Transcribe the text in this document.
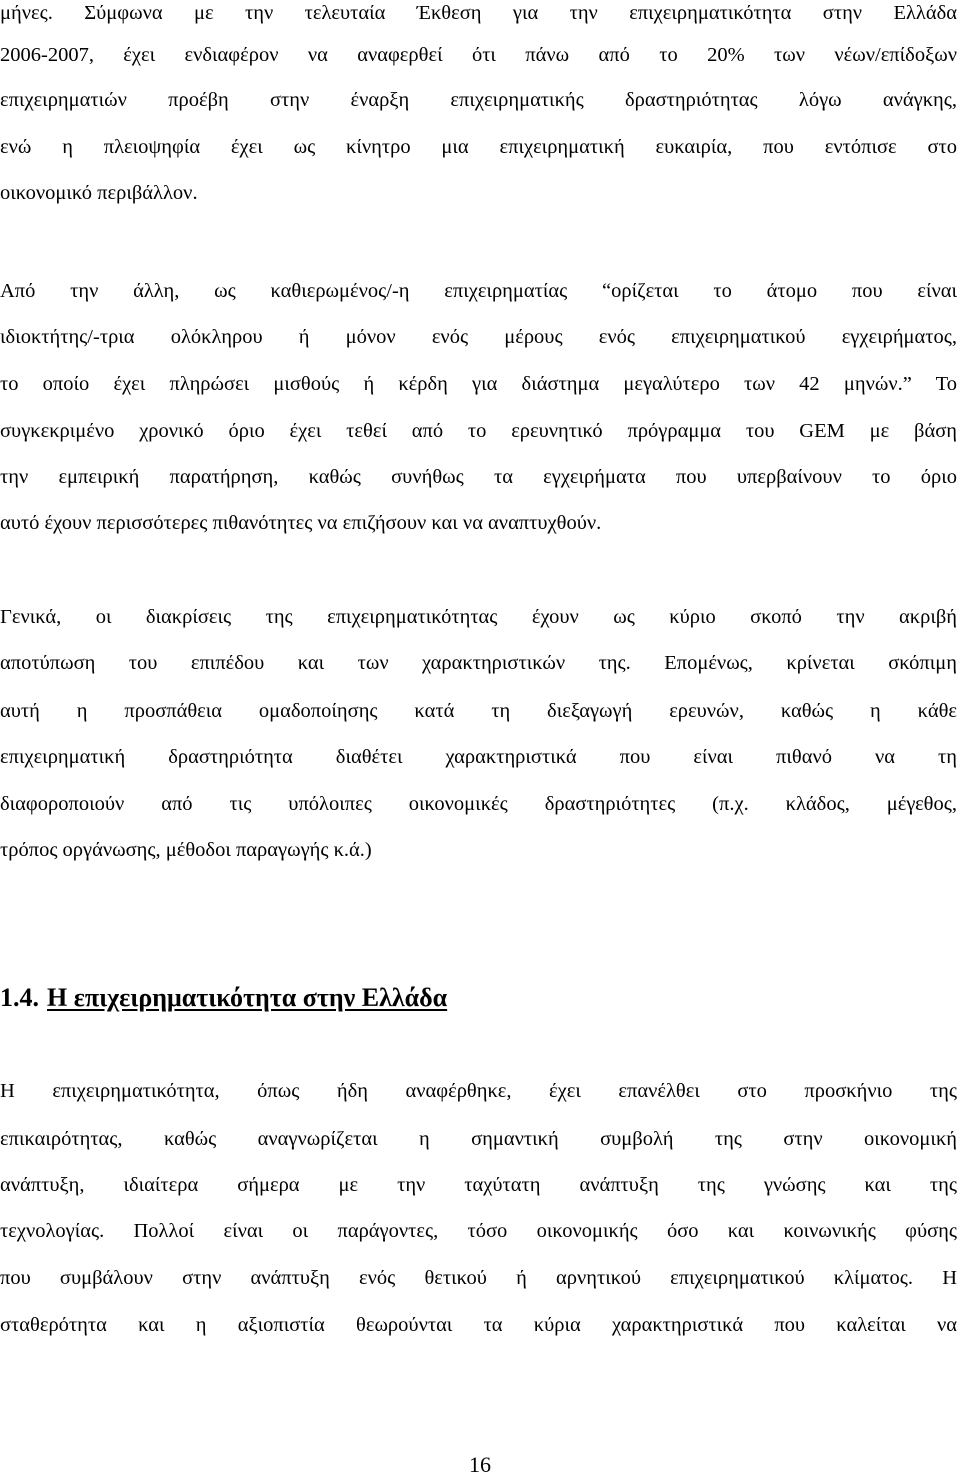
μήνες. Σύμφωνα με την τελευταία Έκθεση για την επιχειρηματικότητα στην Ελλάδα
2006-2007, έχει ενδιαφέρον να αναφερθεί ότι πάνω από το 20% των νέων/επίδοξων
επιχειρηματιών προέβη στην έναρξη επιχειρηματικής δραστηριότητας λόγω ανάγκης,
ενώ η πλειοψηφία έχει ως κίνητρο μια επιχειρηματική ευκαιρία, που εντόπισε στο
οικονομικό περιβάλλον.
Από την άλλη, ως καθιερωμένος/-η επιχειρηματίας “ορίζεται το άτομο που είναι
ιδιοκτήτης/-τρια ολόκληρου ή μόνον ενός μέρους ενός επιχειρηματικού εγχειρήματος,
το οποίο έχει πληρώσει μισθούς ή κέρδη για διάστημα μεγαλύτερο των 42 μηνών.” Το
συγκεκριμένο χρονικό όριο έχει τεθεί από το ερευνητικό πρόγραμμα του GEM με βάση
την εμπειρική παρατήρηση, καθώς συνήθως τα εγχειρήματα που υπερβαίνουν το όριο
αυτό έχουν περισσότερες πιθανότητες να επιζήσουν και να αναπτυχθούν.
Γενικά, οι διακρίσεις της επιχειρηματικότητας έχουν ως κύριο σκοπό την ακριβή
αποτύπωση του επιπέδου και των χαρακτηριστικών της. Επομένως, κρίνεται σκόπιμη
αυτή η προσπάθεια ομαδοποίησης κατά τη διεξαγωγή ερευνών, καθώς η κάθε
επιχειρηματική δραστηριότητα διαθέτει χαρακτηριστικά που είναι πιθανό να τη
διαφοροποιούν από τις υπόλοιπες οικονομικές δραστηριότητες (π.χ. κλάδος, μέγεθος,
τρόπος οργάνωσης, μέθοδοι παραγωγής κ.ά.)
1.4. Η επιχειρηματικότητα στην Ελλάδα
Η επιχειρηματικότητα, όπως ήδη αναφέρθηκε, έχει επανέλθει στο προσκήνιο της
επικαιρότητας, καθώς αναγνωρίζεται η σημαντική συμβολή της στην οικονομική
ανάπτυξη, ιδιαίτερα σήμερα με την ταχύτατη ανάπτυξη της γνώσης και της
τεχνολογίας. Πολλοί είναι οι παράγοντες, τόσο οικονομικής όσο και κοινωνικής φύσης
που συμβάλουν στην ανάπτυξη ενός θετικού ή αρνητικού επιχειρηματικού κλίματος. Η
σταθερότητα και η αξιοπιστία θεωρούνται τα κύρια χαρακτηριστικά που καλείται να
16
